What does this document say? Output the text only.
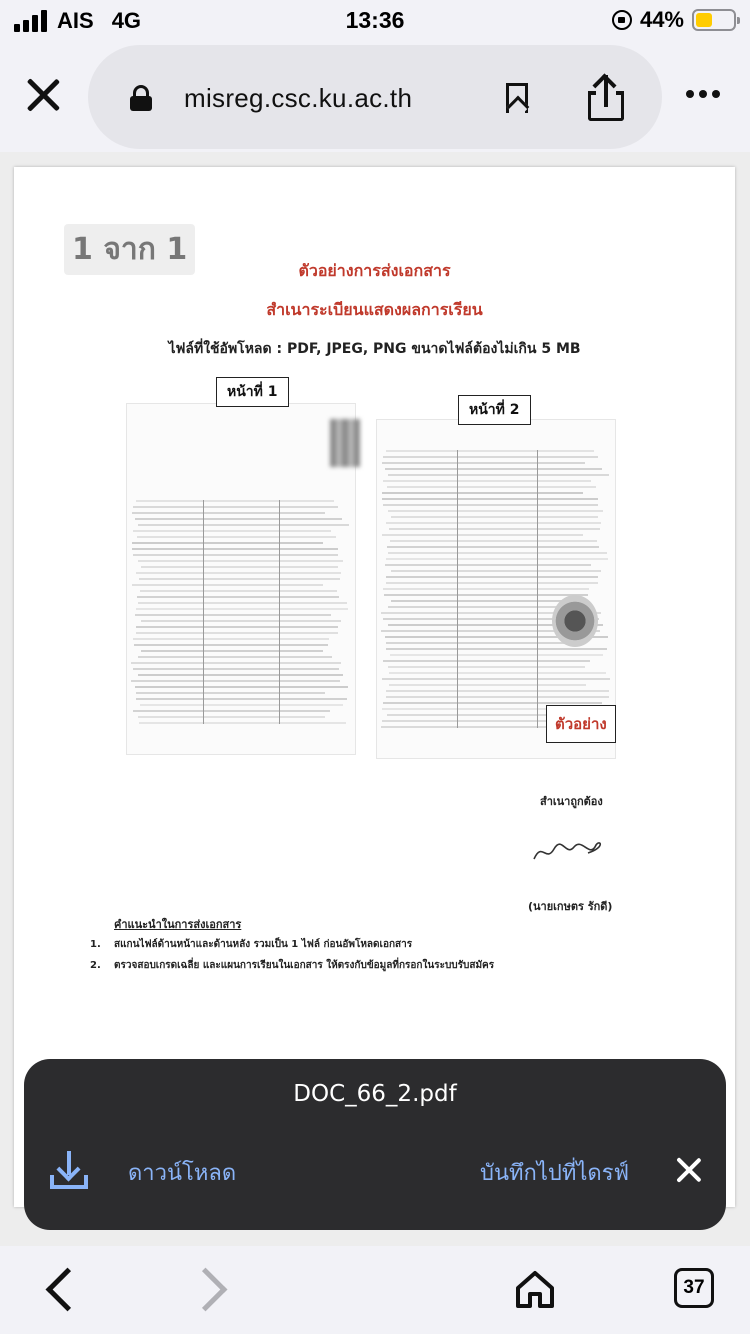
AIS 4G	13:36	44%
misreg.csc.ku.ac.th
1 จาก 1
ตัวอย่างการส่งเอกสาร
สำเนาระเบียนแสดงผลการเรียน
ไฟล์ที่ใช้อัพโหลด : PDF, JPEG, PNG ขนาดไฟล์ต้องไม่เกิน 5 MB
หน้าที่ 1
หน้าที่ 2
ตัวอย่าง
สำเนาถูกต้อง
(นายเกษตร รักดี)
คำแนะนำในการส่งเอกสาร
1. สแกนไฟล์ด้านหน้าและด้านหลัง รวมเป็น 1 ไฟล์ ก่อนอัพโหลดเอกสาร
2. ตรวจสอบเกรดเฉลี่ย และแผนการเรียนในเอกสาร ให้ตรงกับข้อมูลที่กรอกในระบบรับสมัคร
DOC_66_2.pdf
ดาวน์โหลด	บันทึกไปที่ไดรฟ์
37
